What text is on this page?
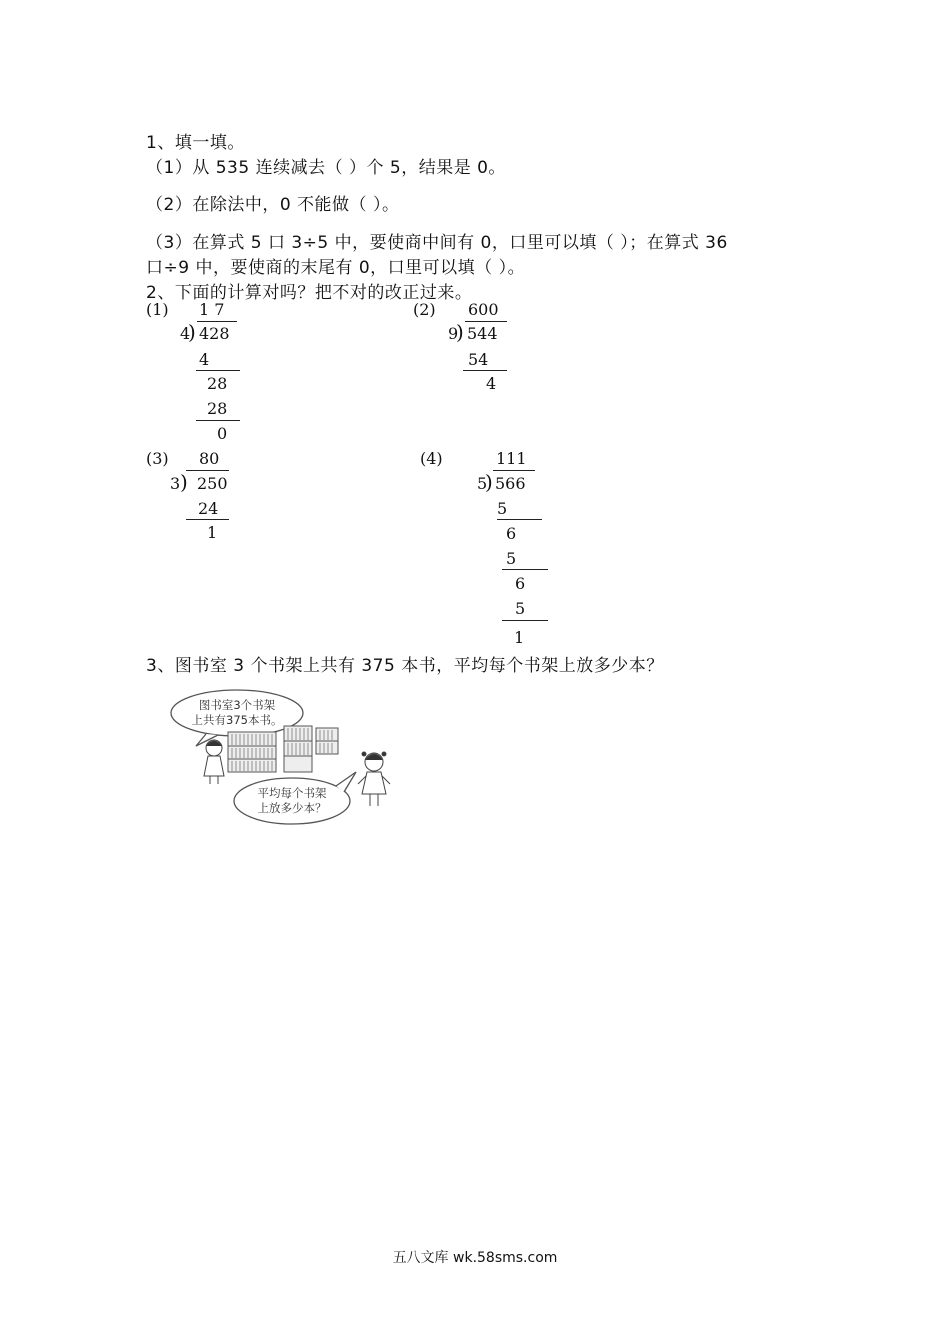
1、填一填。
（1）从 535 连续减去（ ）个 5，结果是 0。
（2）在除法中，0 不能做（ ）。
（3）在算式 5 口 3÷5 中，要使商中间有 0，口里可以填（ ）；在算式 36
口÷9 中，要使商的末尾有 0，口里可以填（ ）。
2、下面的计算对吗？把不对的改正过来。
(1) 1 7
4
) 428
4
28
28
0
(2) 600
9
) 544
54
4
(3) 80
3 ) 250
24
1
(4)	111
5
) 566
5
6
5
6
5
1
3、图书室 3 个书架上共有 375 本书，平均每个书架上放多少本？
图书室3个书架
上共有375本书。
平均每个书架
上放多少本？
五八文库 wk.58sms.com
